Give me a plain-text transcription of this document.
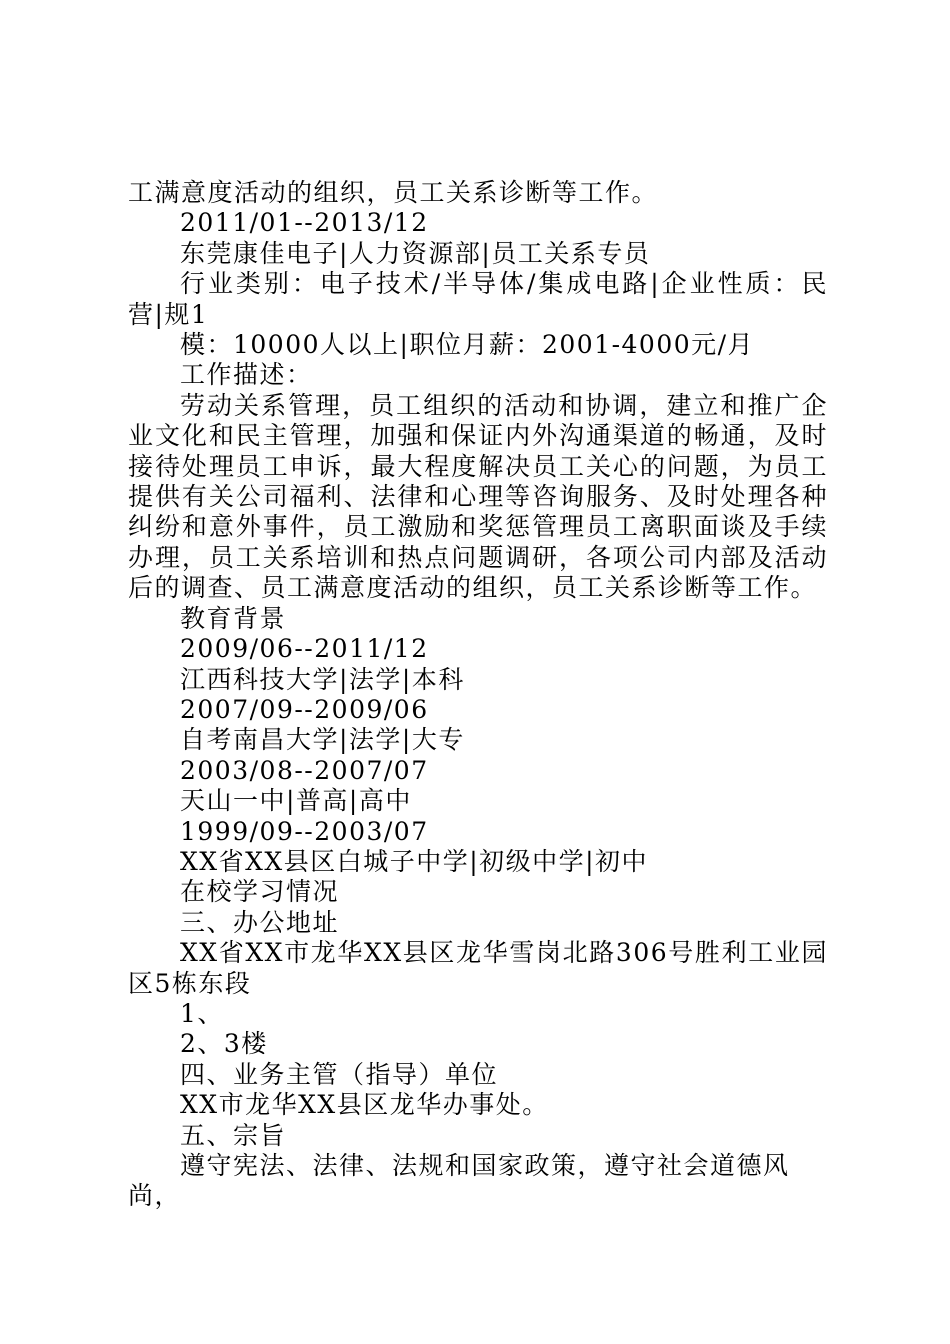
工满意度活动的组织，员工关系诊断等工作。

2011/01--2013/12

东莞康佳电子|人力资源部|员工关系专员

行业类别：电子技术/半导体/集成电路|企业性质：民营|规1

模：10000人以上|职位月薪：2001-4000元/月

工作描述：

劳动关系管理，员工组织的活动和协调，建立和推广企业文化和民主管理，加强和保证内外沟通渠道的畅通，及时接待处理员工申诉，最大程度解决员工关心的问题，为员工提供有关公司福利、法律和心理等咨询服务、及时处理各种纠纷和意外事件，员工激励和奖惩管理员工离职面谈及手续办理，员工关系培训和热点问题调研，各项公司内部及活动后的调查、员工满意度活动的组织，员工关系诊断等工作。

教育背景

2009/06--2011/12

江西科技大学|法学|本科

2007/09--2009/06

自考南昌大学|法学|大专

2003/08--2007/07

天山一中|普高|高中

1999/09--2003/07

XX省XX县区白城子中学|初级中学|初中

在校学习情况

三、办公地址

XX省XX市龙华XX县区龙华雪岗北路306号胜利工业园区5栋东段

1、

2、3楼

四、业务主管（指导）单位

XX市龙华XX县区龙华办事处。

五、宗旨

遵守宪法、法律、法规和国家政策，遵守社会道德风尚，
